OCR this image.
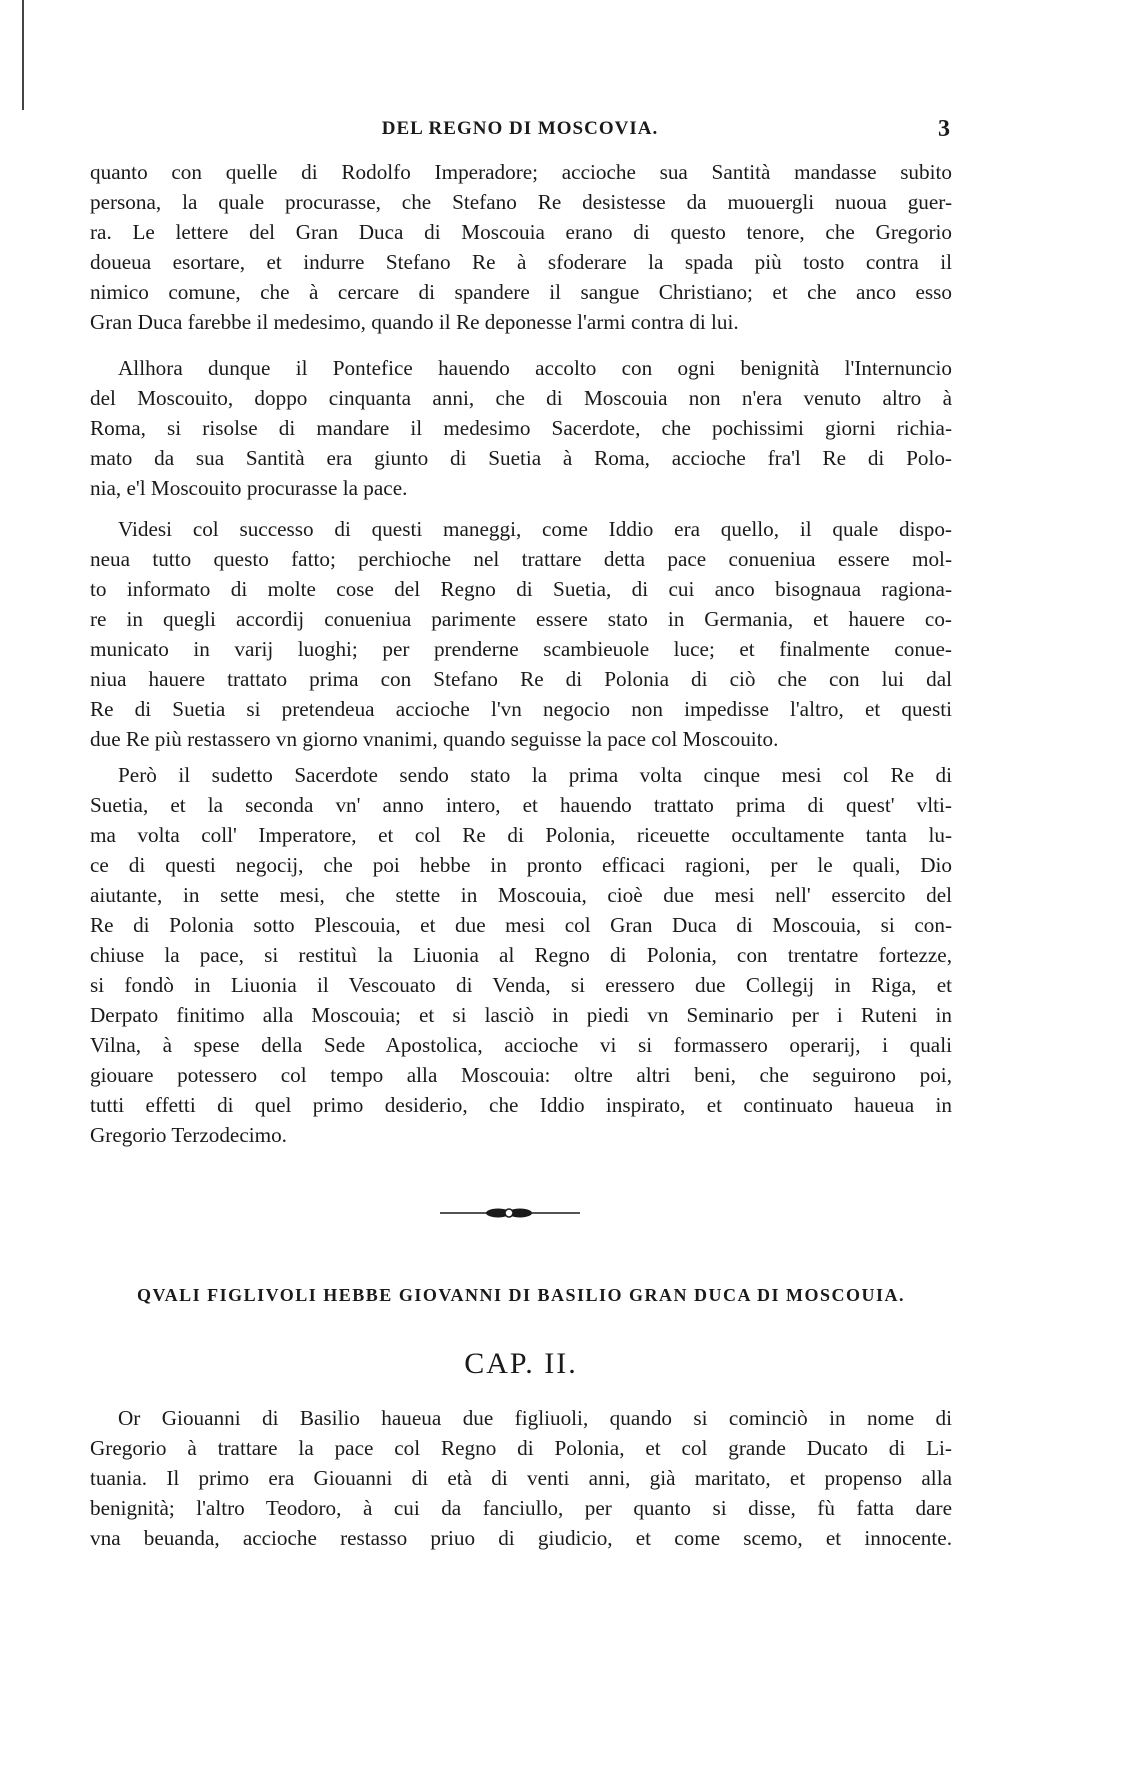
DEL REGNO DI MOSCOVIA.	3

quanto con quelle di Rodolfo Imperadore; accioche sua Santità mandasse subito
persona, la quale procurasse, che Stefano Re desistesse da muouergli nuoua guer-
ra. Le lettere del Gran Duca di Moscouia erano di questo tenore, che Gregorio
doueua esortare, et indurre Stefano Re à sfoderare la spada più tosto contra il
nimico comune, che à cercare di spandere il sangue Christiano; et che anco esso
Gran Duca farebbe il medesimo, quando il Re deponesse l'armi contra di lui.

Allhora dunque il Pontefice hauendo accolto con ogni benignità l'Internuncio
del Moscouito, doppo cinquanta anni, che di Moscouia non n'era venuto altro à
Roma, si risolse di mandare il medesimo Sacerdote, che pochissimi giorni richia-
mato da sua Santità era giunto di Suetia à Roma, accioche fra'l Re di Polo-
nia, e'l Moscouito procurasse la pace.

Videsi col successo di questi maneggi, come Iddio era quello, il quale dispo-
neua tutto questo fatto; perchioche nel trattare detta pace conueniua essere mol-
to informato di molte cose del Regno di Suetia, di cui anco bisognaua ragiona-
re in quegli accordij conueniua parimente essere stato in Germania, et hauere co-
municato in varij luoghi; per prenderne scambieuole luce; et finalmente conue-
niua hauere trattato prima con Stefano Re di Polonia di ciò che con lui dal
Re di Suetia si pretendeua accioche l'vn negocio non impedisse l'altro, et questi
due Re più restassero vn giorno vnanimi, quando seguisse la pace col Moscouito.

Però il sudetto Sacerdote sendo stato la prima volta cinque mesi col Re di
Suetia, et la seconda vn' anno intero, et hauendo trattato prima di quest' vlti-
ma volta coll' Imperatore, et col Re di Polonia, riceuette occultamente tanta lu-
ce di questi negocij, che poi hebbe in pronto efficaci ragioni, per le quali, Dio
aiutante, in sette mesi, che stette in Moscouia, cioè due mesi nell' essercito del
Re di Polonia sotto Plescouia, et due mesi col Gran Duca di Moscouia, si con-
chiuse la pace, si restituì la Liuonia al Regno di Polonia, con trentatre fortezze,
si fondò in Liuonia il Vescouato di Venda, si eressero due Collegij in Riga, et
Derpato finitimo alla Moscouia; et si lasciò in piedi vn Seminario per i Ruteni in
Vilna, à spese della Sede Apostolica, accioche vi si formassero operarij, i quali
giouare potessero col tempo alla Moscouia: oltre altri beni, che seguirono poi,
tutti effetti di quel primo desiderio, che Iddio inspirato, et continuato haueua in
Gregorio Terzodecimo.

QVALI FIGLIVOLI HEBBE GIOVANNI DI BASILIO GRAN DUCA DI MOSCOUIA.
CAP. II.

Or Giouanni di Basilio haueua due figliuoli, quando si cominciò in nome di
Gregorio à trattare la pace col Regno di Polonia, et col grande Ducato di Li-
tuania. Il primo era Giouanni di età di venti anni, già maritato, et propenso alla
benignità; l'altro Teodoro, à cui da fanciullo, per quanto si disse, fù fatta dare
vna beuanda, accioche restasso priuo di giudicio, et come scemo, et innocente.
